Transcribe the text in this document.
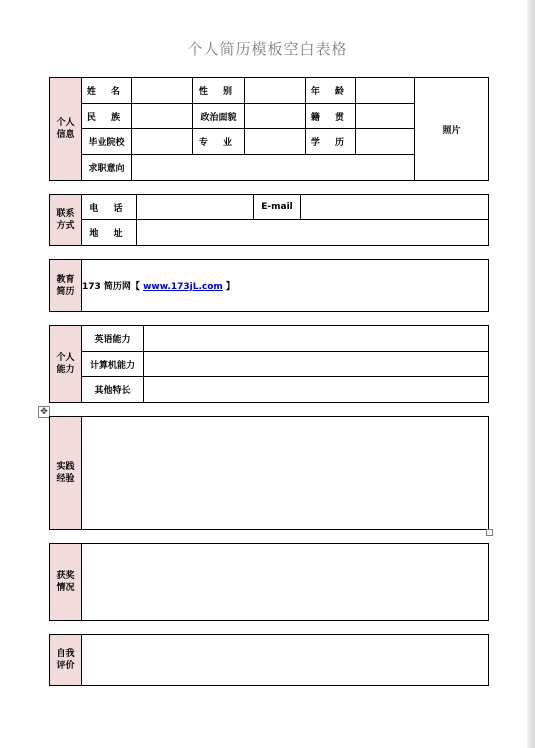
个人简历模板空白表格
个人信息	姓 名		性 别		年 龄		照片
	民 族		政治面貌		籍 贯		
	毕业院校		专 业		学 历		
	求职意向						
联系方式	电 话		E-mail	
	地 址			
教育简历	173 简历网【 www.173jL.com 】
个人能力	英语能力	
	计算机能力	
	其他特长	
✥
实践经验	
获奖情况	
自我评价	
